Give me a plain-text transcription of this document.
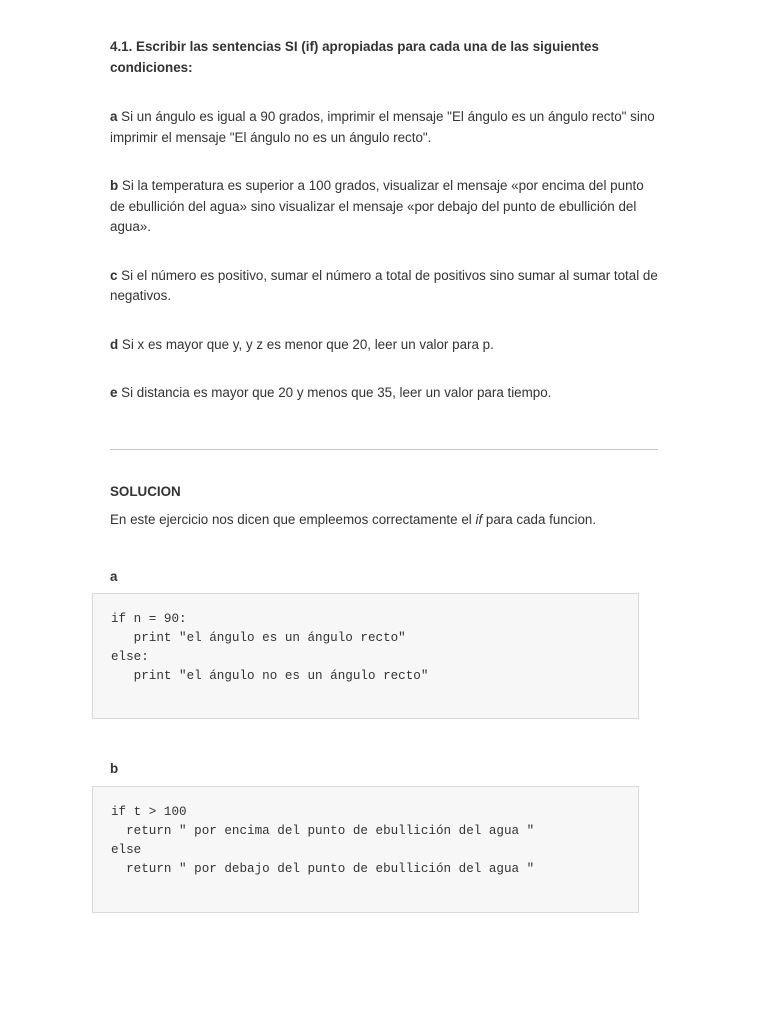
4.1. Escribir las sentencias SI (if) apropiadas para cada una de las siguientes condiciones:

a Si un ángulo es igual a 90 grados, imprimir el mensaje "El ángulo es un ángulo recto" sino imprimir el mensaje "El ángulo no es un ángulo recto".

b Si la temperatura es superior a 100 grados, visualizar el mensaje «por encima del punto de ebullición del agua» sino visualizar el mensaje «por debajo del punto de ebullición del agua».

c Si el número es positivo, sumar el número a total de positivos sino sumar al sumar total de negativos.

d Si x es mayor que y, y z es menor que 20, leer un valor para p.

e Si distancia es mayor que 20 y menos que 35, leer un valor para tiempo.

SOLUCION

En este ejercicio nos dicen que empleemos correctamente el if para cada funcion.

a

if n = 90:
print "el ángulo es un ángulo recto"
else:
print "el ángulo no es un ángulo recto"

b

if t > 100
return " por encima del punto de ebullición del agua "
else
return " por debajo del punto de ebullición del agua "
